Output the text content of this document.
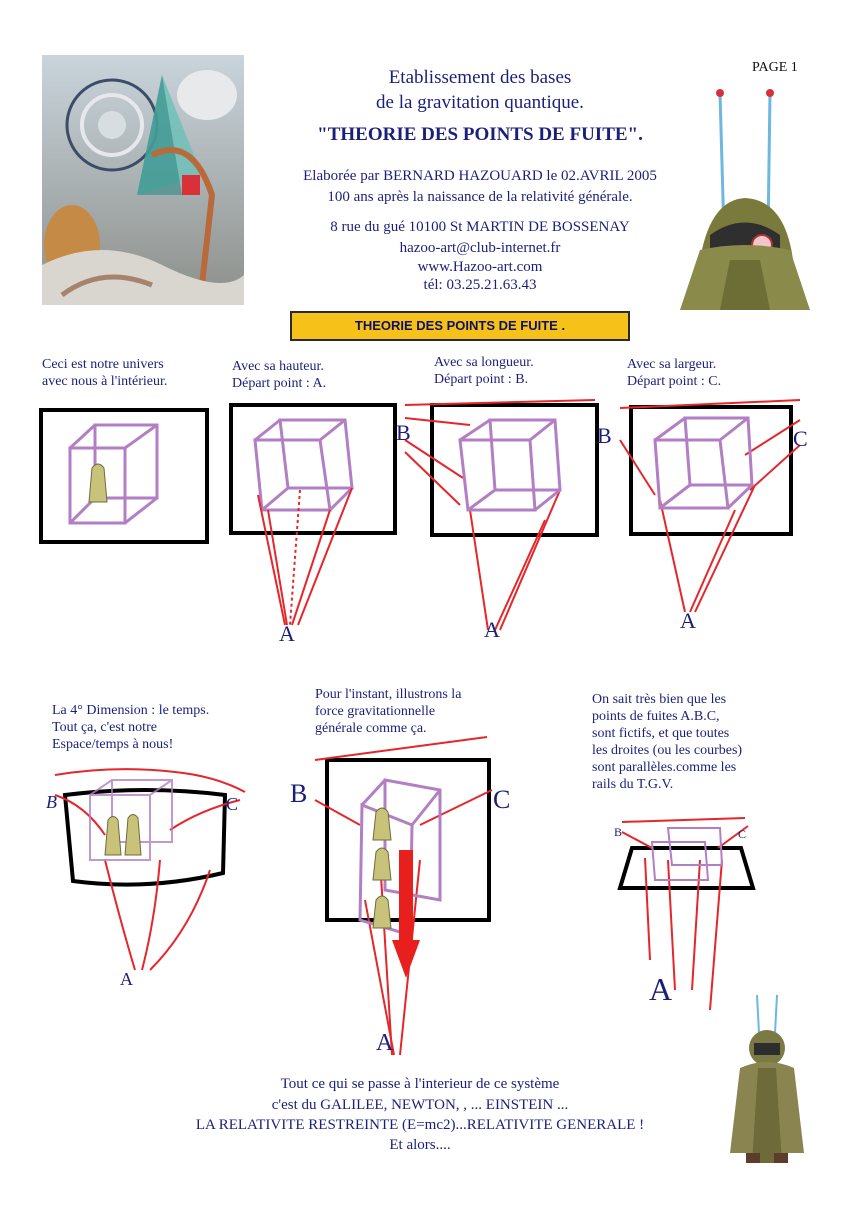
Etablissement des bases
de la gravitation quantique.
"THEORIE DES POINTS DE FUITE".
Elaborée par BERNARD HAZOUARD le 02.AVRIL 2005
100 ans après la naissance de la relativité générale.
8 rue du gué 10100 St MARTIN DE BOSSENAY
hazoo-art@club-internet.fr
www.Hazoo-art.com
tél: 03.25.21.63.43
PAGE 1
THEORIE DES POINTS DE FUITE .
Ceci est notre univers
avec nous à l'intérieur.
Avec sa hauteur.
Départ point : A.
Avec sa longueur.
Départ point : B.
Avec sa largeur.
Départ point : C.
La 4° Dimension : le temps.
Tout ça, c'est notre
Espace/temps à nous!
Pour l'instant, illustrons la
force gravitationnelle
générale comme ça.
On sait très bien que les
points de fuites A.B.C,
sont fictifs, et que toutes
les droites (ou les courbes)
sont parallèles.comme les
rails du T.G.V.
A
B
A
B	C
A
B	C
A
B	C
A
B	C
A
Tout ce qui se passe à l'interieur de ce système
c'est du GALILEE, NEWTON, , ... EINSTEIN ...
LA RELATIVITE RESTREINTE (E=mc2)...RELATIVITE GENERALE !
Et alors....
